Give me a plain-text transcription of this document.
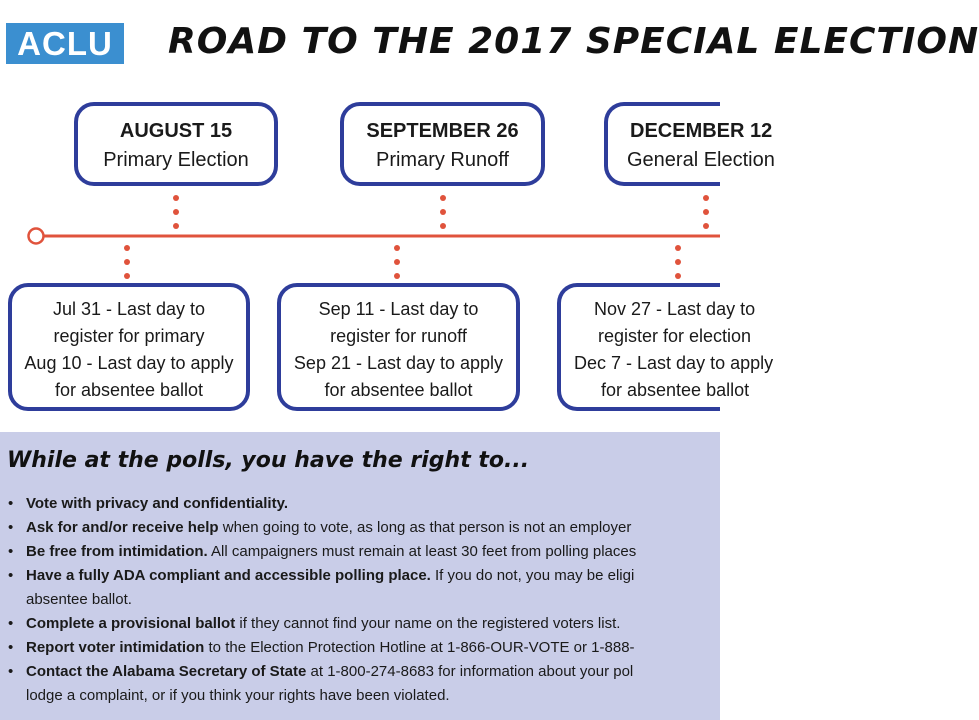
ACLU	ROAD TO THE 2017 SPECIAL ELECTION
AUGUST 15
Primary Election
SEPTEMBER 26
Primary Runoff
DECEMBER 12
General Election
Jul 31 - Last day to
register for primary
Aug 10 - Last day to apply
for absentee ballot
Sep 11 - Last day to
register for runoff
Sep 21 - Last day to apply
for absentee ballot
Nov 27 - Last day to
register for election
Dec 7 - Last day to apply
for absentee ballot
While at the polls, you have the right to...
• Vote with privacy and confidentiality.
• Ask for and/or receive help when going to vote, as long as that person is not an employer
• Be free from intimidation. All campaigners must remain at least 30 feet from polling places
• Have a fully ADA compliant and accessible polling place. If you do not, you may be eligi
absentee ballot.
• Complete a provisional ballot if they cannot find your name on the registered voters list.
• Report voter intimidation to the Election Protection Hotline at 1-866-OUR-VOTE or 1-888-
• Contact the Alabama Secretary of State at 1-800-274-8683 for information about your pol
lodge a complaint, or if you think your rights have been violated.
